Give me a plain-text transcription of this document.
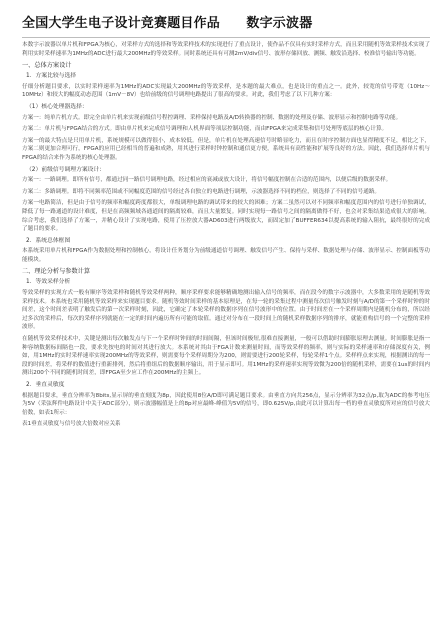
全国大学生电子设计竞赛题目作品　　数字示波器

本数字示波器以单片机和FPGA为核心，对采样方式的选择和等效采样技术的实现进行了重点设计，使作品不仅具有实时采样方式，而且采用随机等效采样技术实现了利用实时采样速率为1MHz的ADC进行最大200MHz的等效采样。同时系统还具有可测2mV/div信号、波形存储回放、测频、触发沿选择、校准信号输出等功能。

一、总体方案设计
1．方案比较与选择

仔细分析题目要求，以实时采样速率为1MHz的ADC实现最大200MHz的等效采样，是本题的最大难点，也是设计的重点之一。此外，较宽的信号带宽（10Hz～10MHz）和较大的幅度动态范围（1mV－8V）也给前级的信号调理电路提出了很高的要求。对此，我们考虑了以下几种方案：

（1）核心处理器选择：

方案一：纯单片机方式。即完全由单片机来实现前级信号程控调理、采样保持电路及A/D转换器的控制、数据的处理及存储、波形显示和控制电路等功能。

方案二：单片机与FPGA结合的方式。即由单片机来完成信号调理和人机界面等项层控制功能，而由FPGA来完成采集和信号处理等底层的核心计算。

方案一的最大特点是只用单片机，系统规模可以做得很小，成本较低。但是，单片机在处理高速信号时略显吃力，而且在时序控制方面也显得精度不足，相比之下，方案二则更加合理可行，FPGA的应用已经相当的普遍和成熟，用其进行采样时钟控制和通信更方便，系统具有高性能和扩展等良好的方法。因此，我们选择单片机与FPGA的结合来作为系统的核心处理器。

（2）前级信号调理方案设计：

方案一：一路调理。即所有信号，都通过同一路信号调理电路，经过相应的衰减或放大设计，将信号幅度控制在合适的范围内，以便后级的数据采样。

方案二：多路调理。即将不同频率范围或不同幅度范围的信号经过各自独立的电路进行调理，示波器选择不同的档位，则选择了不同的信号通路。

方案一电路简洁，但是由于信号的频率和幅度跨度都很大，单级调理电路的调试带来的较大的困难；方案二虽然可以对不同频率和幅度范围内的信号进行单独调试，降低了每一路通道的设计难度，但是在高频频域各通道间的隔离较难，而且大量繁复。同时实现每一路信号之间的隔离做得不好，也会对采集结果造成很大的影响。综合考虑，我们选择了方案一，并精心设计了实现电路，使用了压控放大器AD603进行两级放大，而固定加了BUFFER634以提高系统的输入阻抗，最终很好的完成了题目的要求。

2．系统总体框图

本系统采用单片机和FPGA作为数据处理和控制核心，将设计任务划分为前级通道信号调理、触发信号产生、保持与采样、数据处理与存储、波形显示、控制面板等功能模块。

二、理论分析与参数计算
1．等效采样分析

等效采样的实现方式一般有顺序等效采样和随机等效采样两种，顺序采样要求能够精确地测出输入信号的频率，而在段今的数字示波器中，大多数采用的是随机等效采样技术。本系统也采用随机等效采样来实现题目要求。随机等效时间采样的基本原理是，在每一轮的采集过程中测量每次信号触发时刻与A/D的第一个采样时钟的时间差，这个时间差表明了触发后的第一次采样时刻，因此，它确定了本轮采样的数据序列在信号波形中的位置。由于时间差在一个采样周期内是随机分布的，所以经过多次的采样后，每次的采样序列就能在一定的时间内遍历所有可能的取值。通过对分布在一段时间上的随机采样数据序列的排序，就能重构信号的一个完整的采样波形。

在随机等效采样技术中，关键是测出每次触发点与下一个采样时钟间的时间间隔，但该时间极短,很难直接测量，一般可以借助时间膨胀原理去测量。时间膨胀是指一种容纳数据标间隔也一段，要求先按电的时间对其进行放大。本系统对其由于FGA计数来测量时间，而等效采样的频率，则与实际的采样速率和存储深度有关，例如，用1MHz的实时采样速率实现200MHz的等效采样，则需要每个采样周期分为200，则需要进行200轮采样，每轮采样1个点。采样样点来实现，根据测出的每一段的时间差，将采样的数值进行重新排列，然后将重组后的数据顺序输出，用于显示即可。用1MHz的采样速率实现等效微为200倍的随机采样，需要在1us的时间内测出200个不同的随机时间差，即FPGA至少应工作在200MHz的主频上。

2．垂直灵敏度

根据题目要求，垂直分辨率为8bits,显示屏的垂直刻度为8p，因此使用8位A/D即可满足题目要求。由垂直方向共256点，显示分辨率为32点/p,取为ADC的参考电压为5V（采弦辉件电路设计中关于ADC部分），则示波器幅值是上的8p对应最峰-峰值为5V的信号，即0.625V/p,由此可以计算出每一档的垂直灵敏度所对应的信号放大倍数，如表1所示：

表1垂直灵敏度与信号放大倍数对应关系
